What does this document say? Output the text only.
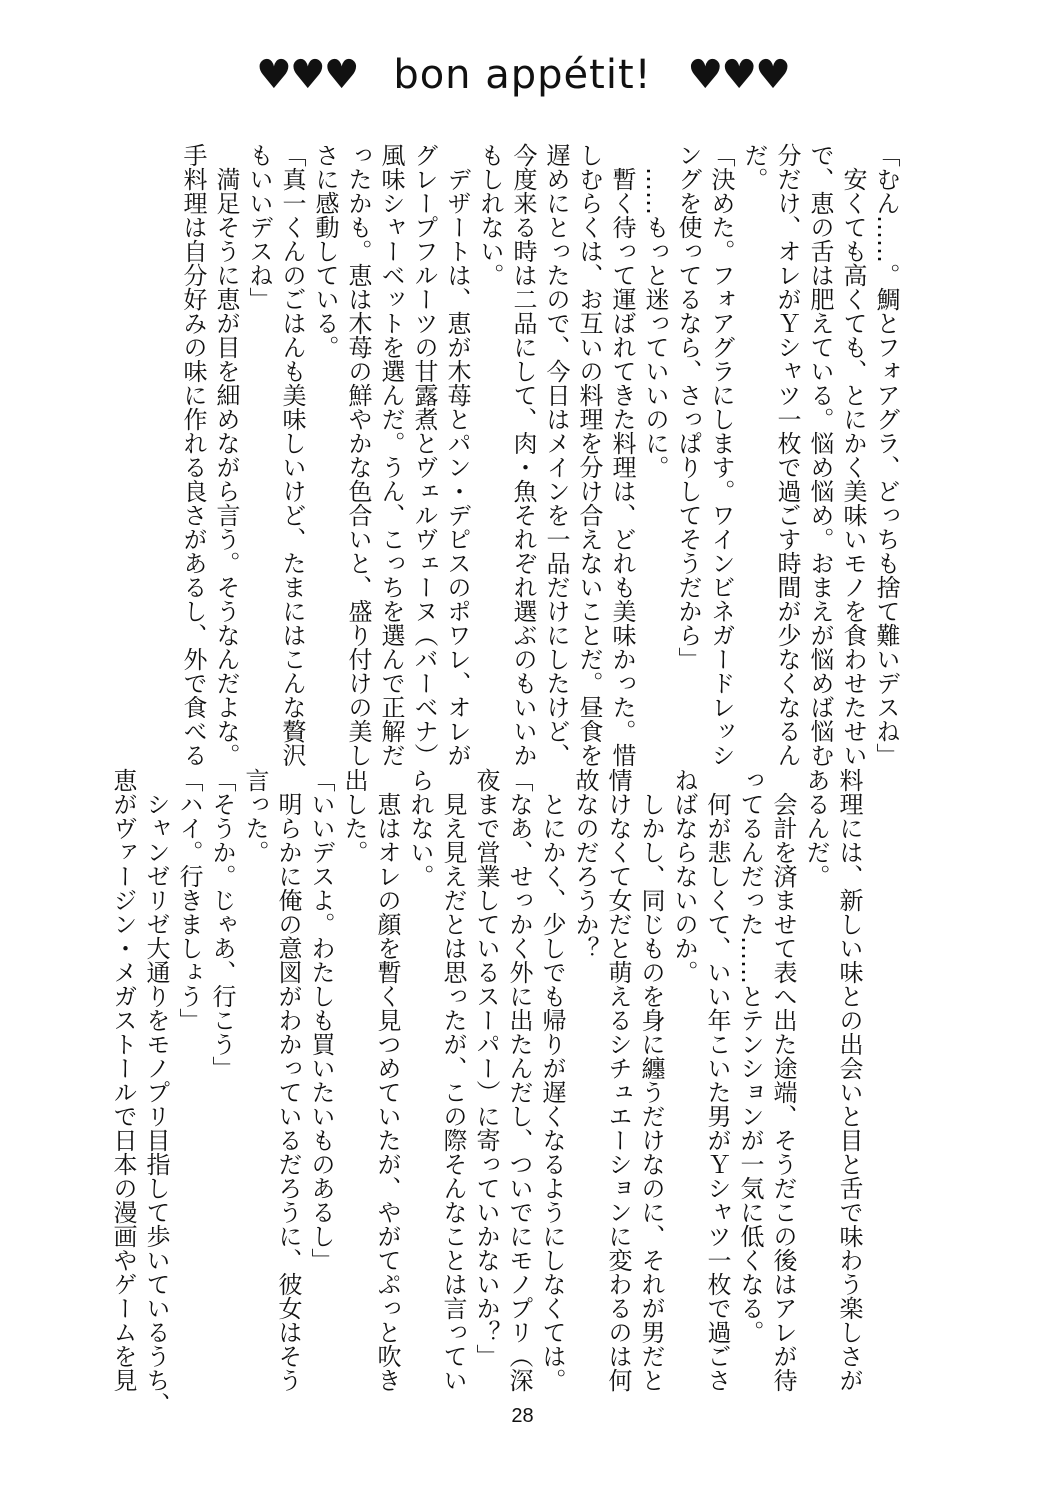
♥♥♥ bon appétit! ♥♥♥
「むん……。鯛とフォアグラ、どっちも捨て難いデスね」
　安くても高くても、とにかく美味いモノを食わせたせい
で、恵の舌は肥えている。悩め悩め。おまえが悩めば悩む
分だけ、オレがＹシャツ一枚で過ごす時間が少なくなるん
だ。
「決めた。フォアグラにします。ワインビネガードレッシ
ングを使ってるなら、さっぱりしてそうだから」
　……もっと迷っていいのに。
　暫く待って運ばれてきた料理は、どれも美味かった。惜
しむらくは、お互いの料理を分け合えないことだ。昼食を
遅めにとったので、今日はメインを一品だけにしたけど、
今度来る時は二品にして、肉・魚それぞれ選ぶのもいいか
もしれない。
　デザートは、恵が木苺とパン・デピスのポワレ、オレが
グレープフルーツの甘露煮とヴェルヴェーヌ（バーベナ）
風味シャーベットを選んだ。うん、こっちを選んで正解だ
ったかも。恵は木苺の鮮やかな色合いと、盛り付けの美し
さに感動している。
「真一くんのごはんも美味しいけど、たまにはこんな贅沢
もいいデスね」
　満足そうに恵が目を細めながら言う。そうなんだよな。
手料理は自分好みの味に作れる良さがあるし、外で食べる
料理には、新しい味との出会いと目と舌で味わう楽しさが
あるんだ。
　会計を済ませて表へ出た途端、そうだこの後はアレが待
ってるんだった……とテンションが一気に低くなる。
　何が悲しくて、いい年こいた男がＹシャツ一枚で過ごさ
ねばならないのか。
　しかし、同じものを身に纏うだけなのに、それが男だと
情けなくて女だと萌えるシチュエーションに変わるのは何
故なのだろうか？
　とにかく、少しでも帰りが遅くなるようにしなくては。
「なあ、せっかく外に出たんだし、ついでにモノプリ（深
夜まで営業しているスーパー）に寄っていかないか？」
　見え見えだとは思ったが、この際そんなことは言ってい
られない。
　恵はオレの顔を暫く見つめていたが、やがてぷっと吹き
出した。
「いいデスよ。わたしも買いたいものあるし」
　明らかに俺の意図がわかっているだろうに、彼女はそう
言った。
「そうか。じゃあ、行こう」
「ハイ。行きましょう」
　シャンゼリゼ大通りをモノプリ目指して歩いているうち、
恵がヴァージン・メガストールで日本の漫画やゲームを見
28
